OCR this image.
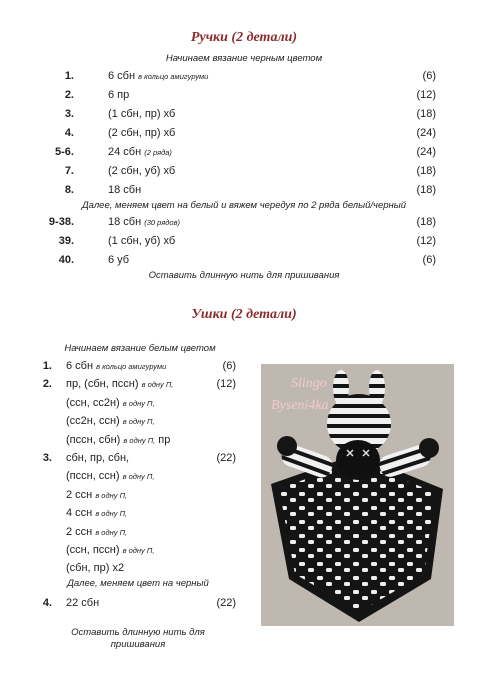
Ручки (2 детали)
Начинаем вязание черным цветом
1.	6 сбн в кольцо амигуруми	(6)
2.	6 пр	(12)
3.	(1 сбн, пр) хб	(18)
4.	(2 сбн, пр) хб	(24)
5-6.	24 сбн (2 ряда)	(24)
7.	(2 сбн, уб) хб	(18)
8.	18 сбн	(18)
Далее, меняем цвет на белый и вяжем чередуя по 2 ряда белый/черный
9-38.	18 сбн (30 рядов)	(18)
39.	(1 сбн, уб) хб	(12)
40.	6 уб	(6)
Оставить длинную нить для пришивания
Ушки (2 детали)
Начинаем вязание белым цветом
1. 6 сбн в кольцо амигуруми	(6)
2. пр, (сбн, пссн) в одну П,	(12)
(ссн, сс2н) в одну П,
(сс2н, ссн) в одну П,
(пссн, сбн) в одну П, пр
3. сбн, пр, сбн,	(22)
(пссн, ссн) в одну П,
2 ссн в одну П,
4 ссн в одну П,
2 ссн в одну П,
(ссн, пссн) в одну П,
(сбн, пр) х2
Далее, меняем цвет на черный
4. 22 сбн	(22)
Оставить длинную нить для
пришивания
Slingo
Byseni4ka
